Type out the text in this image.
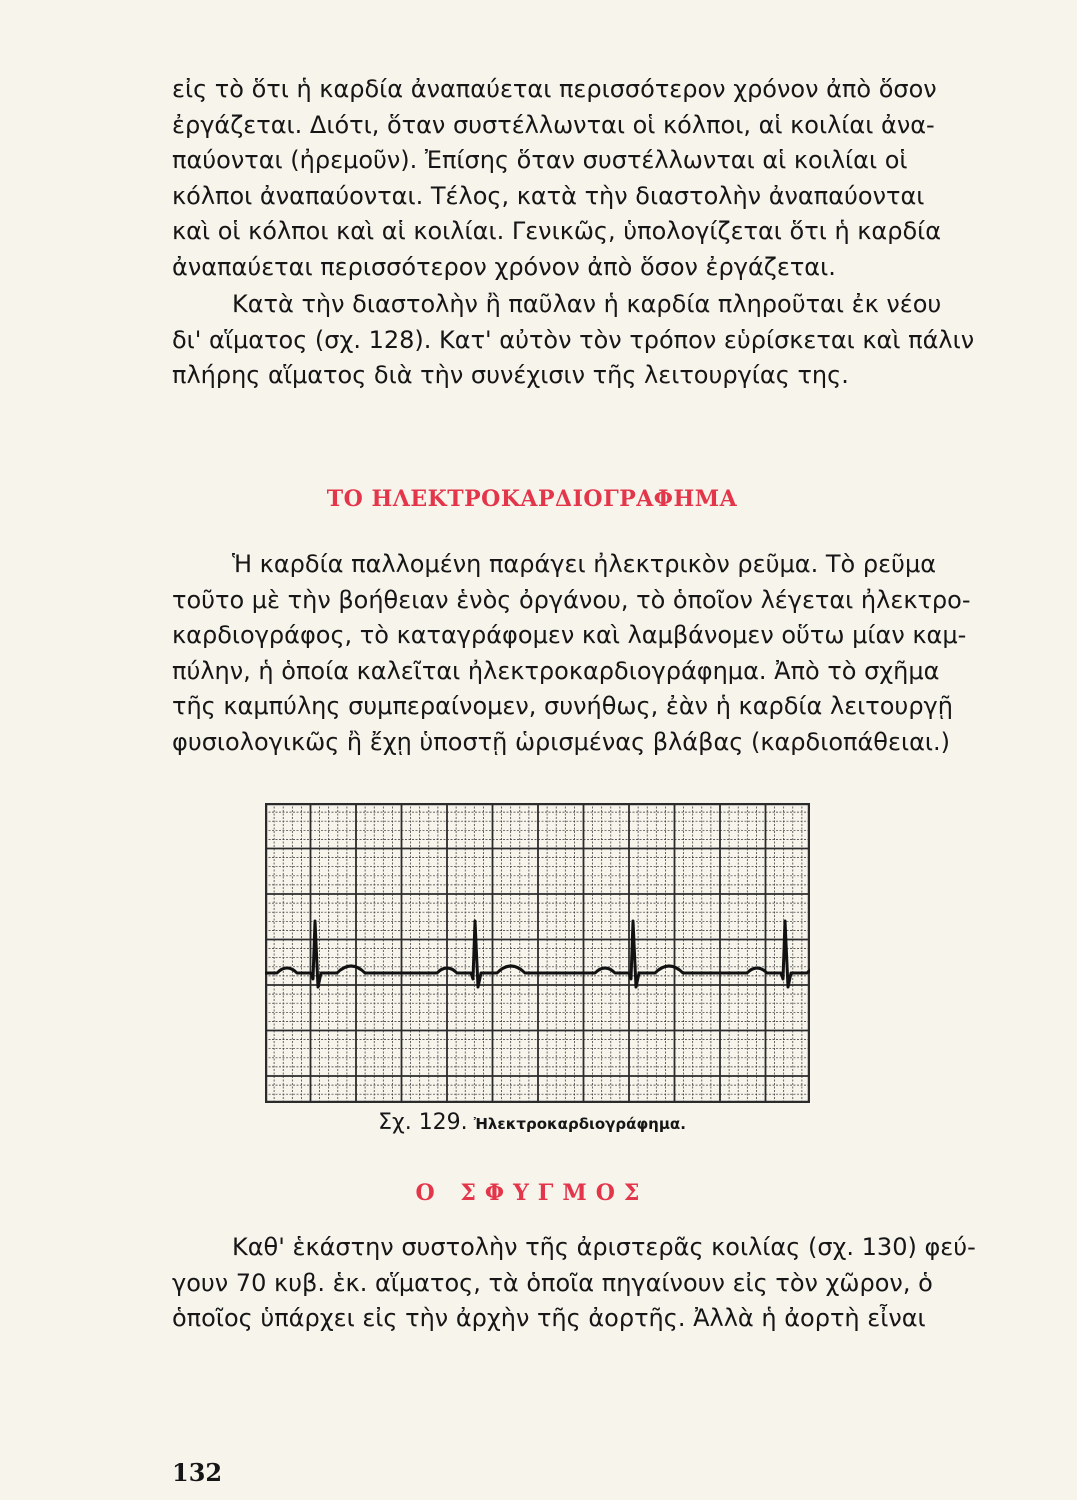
εἰς τὸ ὅτι ἡ καρδία ἀναπαύεται περισσότερον χρόνον ἀπὸ ὅσον
ἐργάζεται. Διότι, ὅταν συστέλλωνται οἱ κόλποι, αἱ κοιλίαι ἀνα-
παύονται (ἠρεμοῦν). Ἐπίσης ὅταν συστέλλωνται αἱ κοιλίαι οἱ
κόλποι ἀναπαύονται. Τέλος, κατὰ τὴν διαστολὴν ἀναπαύονται
καὶ οἱ κόλποι καὶ αἱ κοιλίαι. Γενικῶς, ὑπολογίζεται ὅτι ἡ καρδία
ἀναπαύεται περισσότερον χρόνον ἀπὸ ὅσον ἐργάζεται.

Κατὰ τὴν διαστολὴν ἢ παῦλαν ἡ καρδία πληροῦται ἐκ νέου
δι' αἵματος (σχ. 128). Κατ' αὐτὸν τὸν τρόπον εὑρίσκεται καὶ πάλιν
πλήρης αἵματος διὰ τὴν συνέχισιν τῆς λειτουργίας της.

ΤΟ ΗΛΕΚΤΡΟΚΑΡΔΙΟΓΡΑΦΗΜΑ

Ἡ καρδία παλλομένη παράγει ἠλεκτρικὸν ρεῦμα. Τὸ ρεῦμα
τοῦτο μὲ τὴν βοήθειαν ἑνὸς ὀργάνου, τὸ ὁποῖον λέγεται ἠλεκτρο-
καρδιογράφος, τὸ καταγράφομεν καὶ λαμβάνομεν οὕτω μίαν καμ-
πύλην, ἡ ὁποία καλεῖται ἠλεκτροκαρδιογράφημα. Ἀπὸ τὸ σχῆμα
τῆς καμπύλης συμπεραίνομεν, συνήθως, ἐὰν ἡ καρδία λειτουργῇ
φυσιολογικῶς ἢ ἔχῃ ὑποστῇ ὡρισμένας βλάβας (καρδιοπάθειαι.)

Σχ. 129. Ἠλεκτροκαρδιογράφημα.

Ο ΣΦΥΓΜΟΣ

Καθ' ἑκάστην συστολὴν τῆς ἀριστερᾶς κοιλίας (σχ. 130) φεύ-
γουν 70 κυβ. ἑκ. αἵματος, τὰ ὁποῖα πηγαίνουν εἰς τὸν χῶρον, ὁ
ὁποῖος ὑπάρχει εἰς τὴν ἀρχὴν τῆς ἀορτῆς. Ἀλλὰ ἡ ἀορτὴ εἶναι

132
